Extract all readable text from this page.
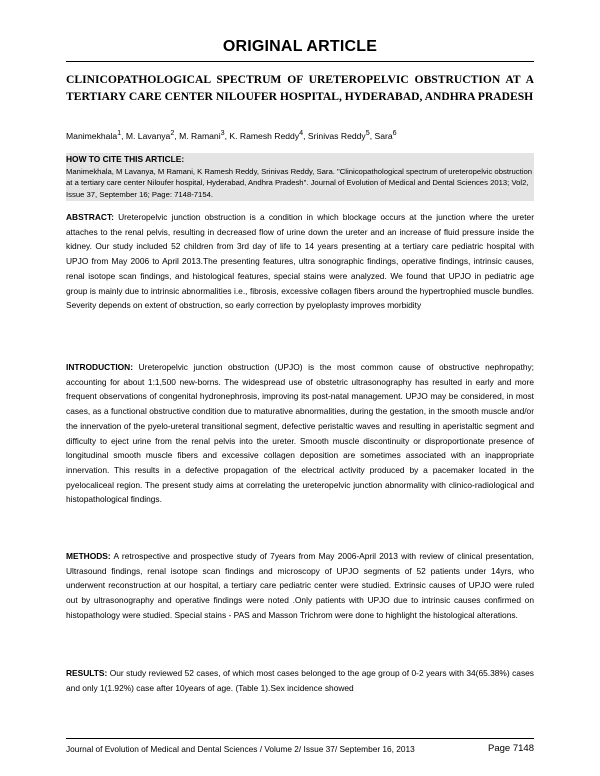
ORIGINAL ARTICLE
CLINICOPATHOLOGICAL SPECTRUM OF URETEROPELVIC OBSTRUCTION AT A TERTIARY CARE CENTER NILOUFER HOSPITAL, HYDERABAD, ANDHRA PRADESH
Manimekhala$^1$, M. Lavanya$^2$, M. Ramani$^3$, K. Ramesh Reddy$^4$, Srinivas Reddy$^5$, Sara$^6$
HOW TO CITE THIS ARTICLE:
Manimekhala, M Lavanya, M Ramani, K Ramesh Reddy, Srinivas Reddy, Sara. "Clinicopathological spectrum of ureteropelvic obstruction at a tertiary care center Niloufer hospital, Hyderabad, Andhra Pradesh". Journal of Evolution of Medical and Dental Sciences 2013; Vol2, Issue 37, September 16; Page: 7148-7154.
ABSTRACT: Ureteropelvic junction obstruction is a condition in which blockage occurs at the junction where the ureter attaches to the renal pelvis, resulting in decreased flow of urine down the ureter and an increase of fluid pressure inside the kidney. Our study included 52 children from 3rd day of life to 14 years presenting at a tertiary care pediatric hospital with UPJO from May 2006 to April 2013.The presenting features, ultra sonographic findings, operative findings, intrinsic causes, renal isotope scan findings, and histological features, special stains were analyzed. We found that UPJO in pediatric age group is mainly due to intrinsic abnormalities i.e., fibrosis, excessive collagen fibers around the hypertrophied muscle bundles. Severity depends on extent of obstruction, so early correction by pyeloplasty improves morbidity
INTRODUCTION: Ureteropelvic junction obstruction (UPJO) is the most common cause of obstructive nephropathy; accounting for about 1:1,500 new-borns. The widespread use of obstetric ultrasonography has resulted in early and more frequent observations of congenital hydronephrosis, improving its post-natal management. UPJO may be considered, in most cases, as a functional obstructive condition due to maturative abnormalities, during the gestation, in the smooth muscle and/or the innervation of the pyelo-ureteral transitional segment, defective peristaltic waves and resulting in aperistaltic segment and difficulty to eject urine from the renal pelvis into the ureter. Smooth muscle discontinuity or disproportionate presence of longitudinal smooth muscle fibers and excessive collagen deposition are sometimes associated with an inappropriate innervation. This results in a defective propagation of the electrical activity produced by a pacemaker located in the pyelocaliceal region. The present study aims at correlating the ureteropelvic junction abnormality with clinico-radiological and histopathological findings.
METHODS: A retrospective and prospective study of 7years from May 2006-April 2013 with review of clinical presentation, Ultrasound findings, renal isotope scan findings and microscopy of UPJO segments of 52 patients under 14yrs, who underwent reconstruction at our hospital, a tertiary care pediatric center were studied. Extrinsic causes of UPJO were ruled out by ultrasonography and operative findings were noted .Only patients with UPJO due to intrinsic causes confirmed on histopathology were studied. Special stains - PAS and Masson Trichrom were done to highlight the histological alterations.
RESULTS: Our study reviewed 52 cases, of which most cases belonged to the age group of 0-2 years with 34(65.38%) cases and only 1(1.92%) case after 10years of age. (Table 1).Sex incidence showed
Journal of Evolution of Medical and Dental Sciences / Volume 2/ Issue 37/ September 16, 2013	Page 7148
